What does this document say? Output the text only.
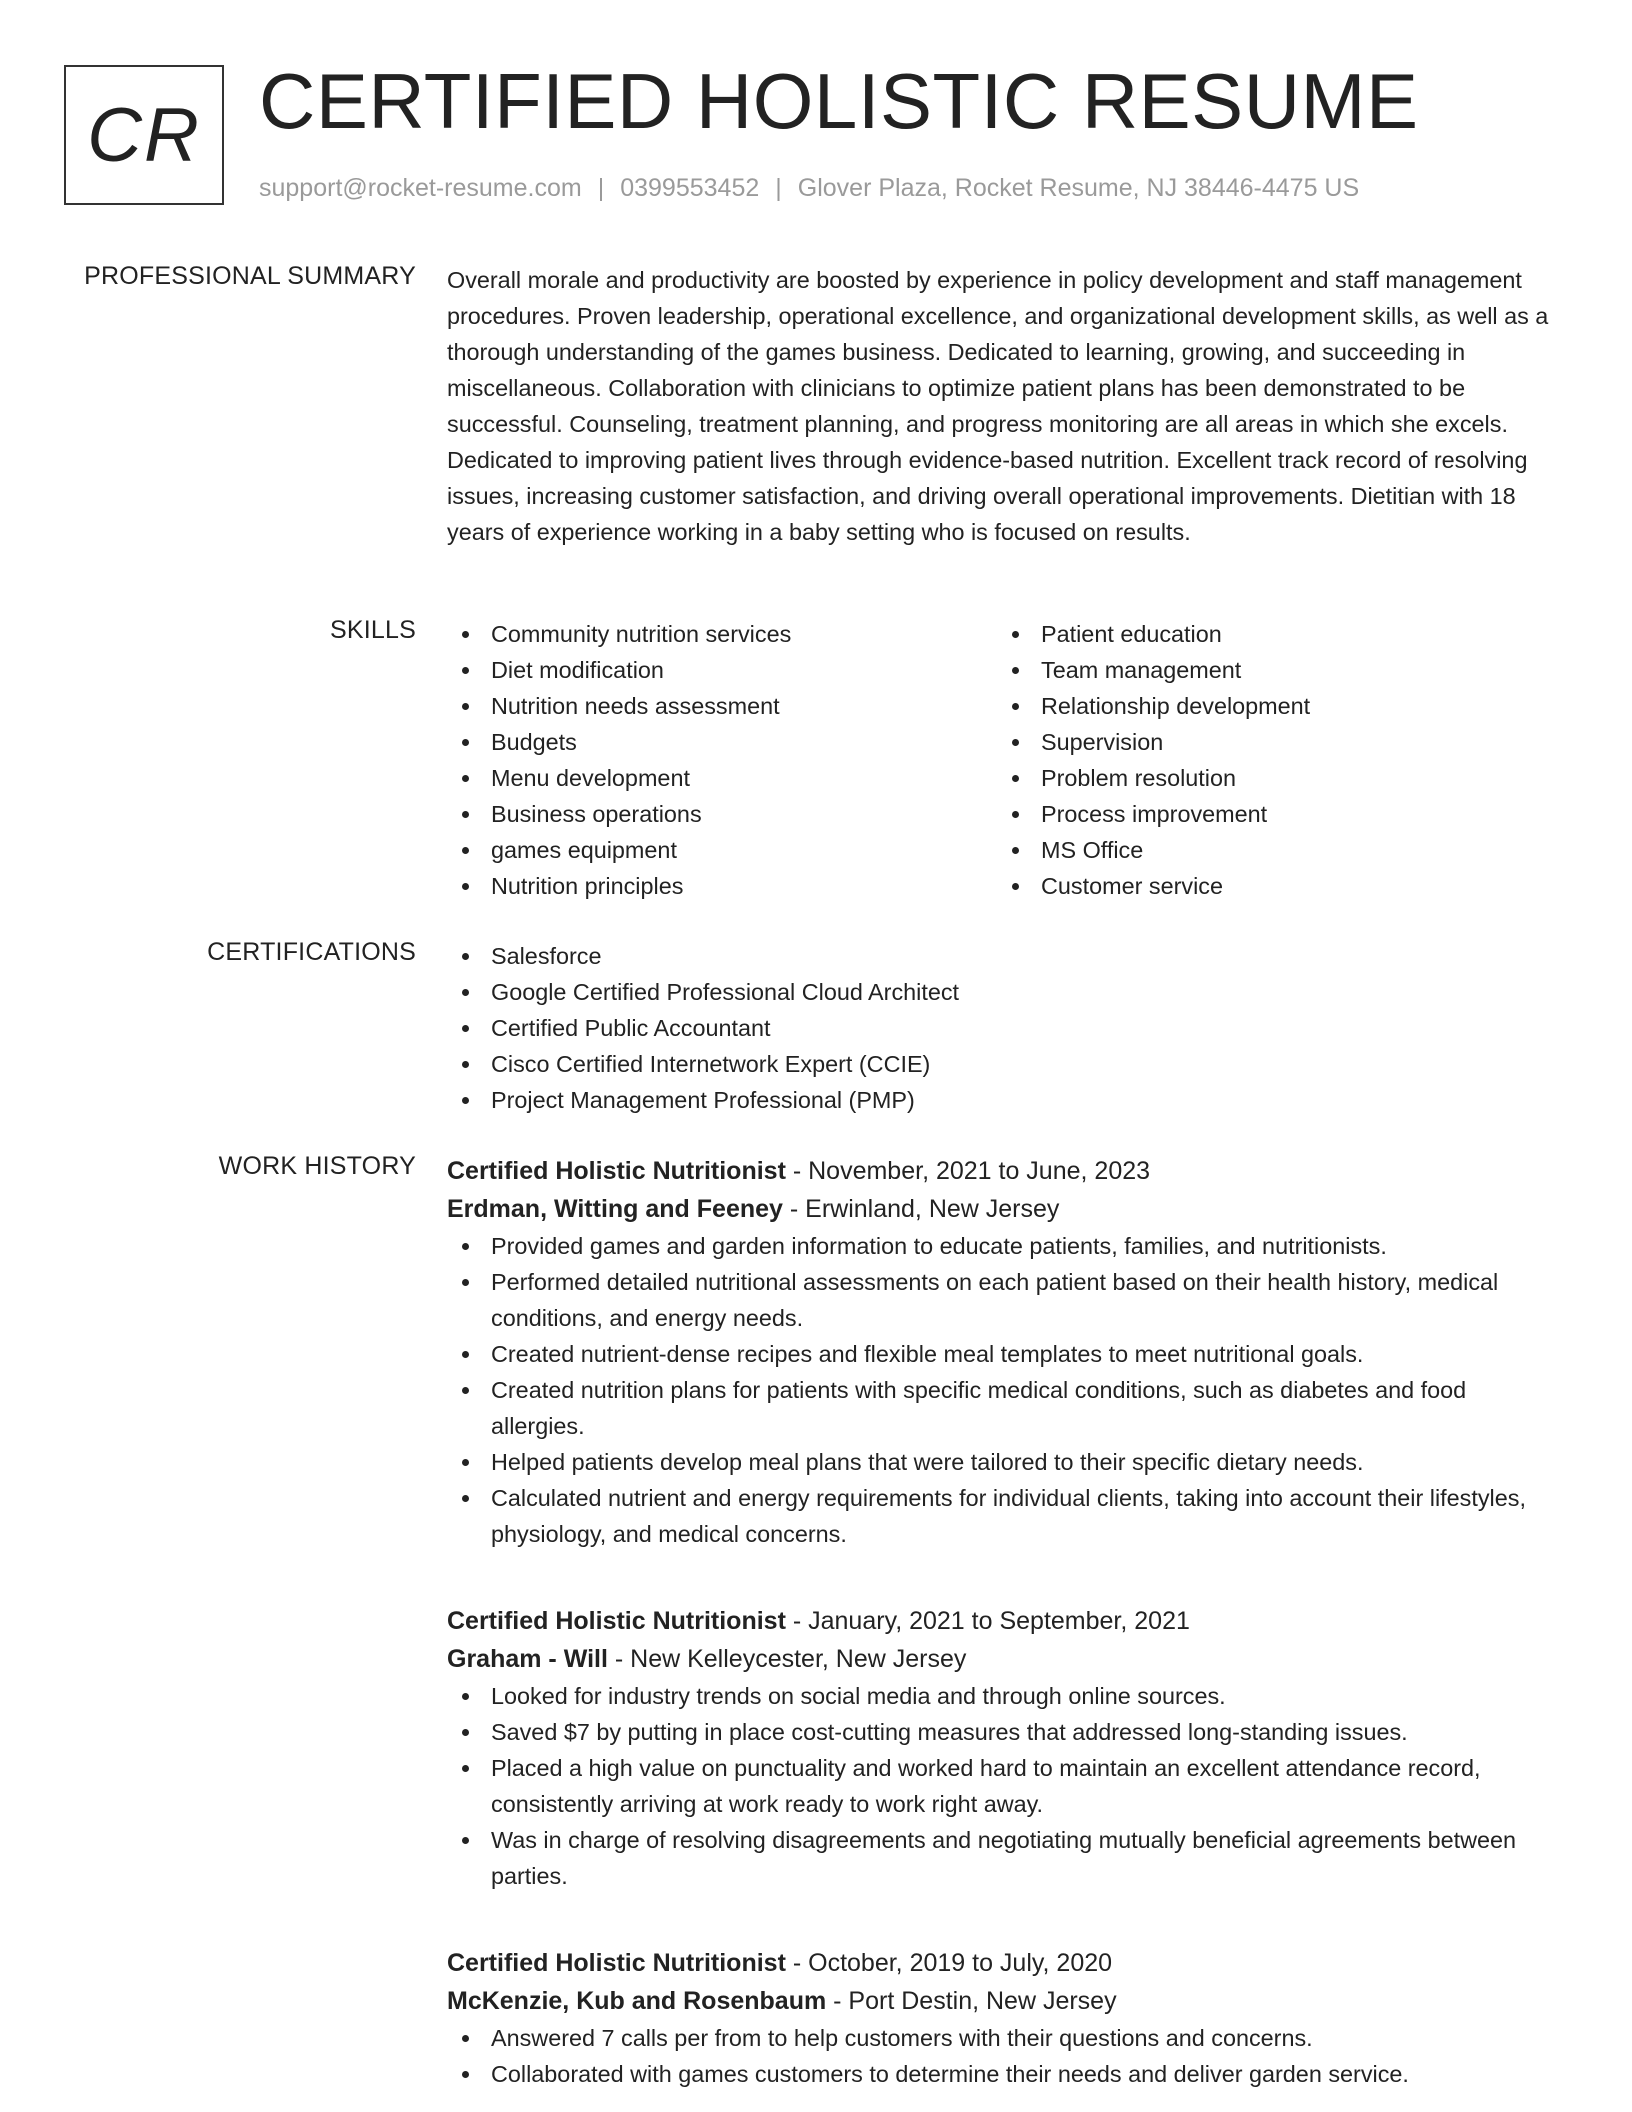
CR CERTIFIED HOLISTIC RESUME
support@rocket-resume.com | 0399553452 | Glover Plaza, Rocket Resume, NJ 38446-4475 US
PROFESSIONAL SUMMARY Overall morale and productivity are boosted by experience in policy development and staff management procedures. Proven leadership, operational excellence, and organizational development skills, as well as a thorough understanding of the games business. Dedicated to learning, growing, and succeeding in miscellaneous. Collaboration with clinicians to optimize patient plans has been demonstrated to be successful. Counseling, treatment planning, and progress monitoring are all areas in which she excels. Dedicated to improving patient lives through evidence-based nutrition. Excellent track record of resolving issues, increasing customer satisfaction, and driving overall operational improvements. Dietitian with 18 years of experience working in a baby setting who is focused on results.
SKILLS	Community nutrition services
Diet modification
Nutrition needs assessment
Budgets
Menu development
Business operations
games equipment
Nutrition principles
Patient education
Team management
Relationship development
Supervision
Problem resolution
Process improvement
MS Office
Customer service
CERTIFICATIONS	Salesforce
Google Certified Professional Cloud Architect
Certified Public Accountant
Cisco Certified Internetwork Expert (CCIE)
Project Management Professional (PMP)
WORK HISTORY Certified Holistic Nutritionist - November, 2021 to June, 2023
Erdman, Witting and Feeney - Erwinland, New Jersey
Provided games and garden information to educate patients, families, and nutritionists.
Performed detailed nutritional assessments on each patient based on their health history, medical conditions, and energy needs.
Created nutrient-dense recipes and flexible meal templates to meet nutritional goals.
Created nutrition plans for patients with specific medical conditions, such as diabetes and food allergies.
Helped patients develop meal plans that were tailored to their specific dietary needs.
Calculated nutrient and energy requirements for individual clients, taking into account their lifestyles, physiology, and medical concerns.
Certified Holistic Nutritionist - January, 2021 to September, 2021
Graham - Will - New Kelleycester, New Jersey
Looked for industry trends on social media and through online sources.
Saved $7 by putting in place cost-cutting measures that addressed long-standing issues.
Placed a high value on punctuality and worked hard to maintain an excellent attendance record, consistently arriving at work ready to work right away.
Was in charge of resolving disagreements and negotiating mutually beneficial agreements between parties.
Certified Holistic Nutritionist - October, 2019 to July, 2020
McKenzie, Kub and Rosenbaum - Port Destin, New Jersey
Answered 7 calls per from to help customers with their questions and concerns.
Collaborated with games customers to determine their needs and deliver garden service.
